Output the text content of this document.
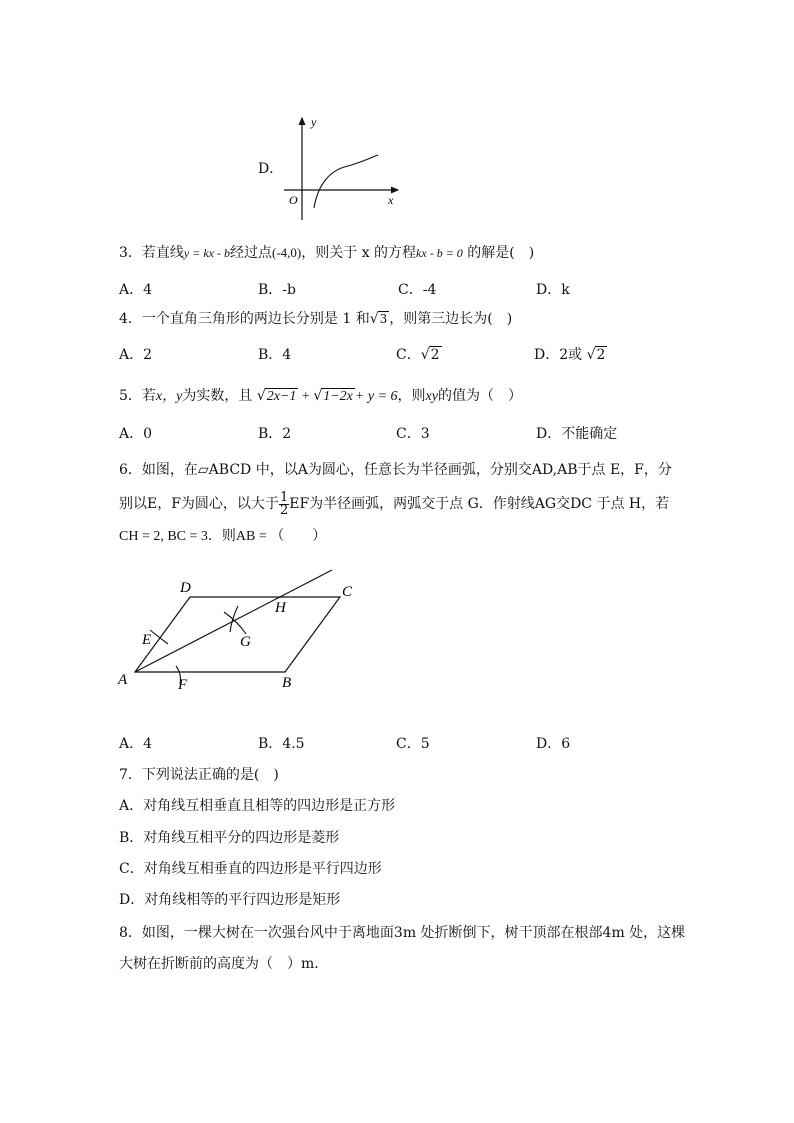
D．
y
x
O
3．若直线y = kx - b经过点(-4,0)，则关于 x 的方程kx - b = 0 的解是(　)
A．4	B．-b	C．-4	D．k
4．一个直角三角形的两边长分别是 1 和√3 ，则第三边长为(　)
A．2	B．4	C．√2	D．2或 √2
5．若x，y为实数，且 √2x−1 + √1−2x + y = 6，则xy的值为（　）
A．0	B．2	C．3	D．不能确定
6．如图，在▱ABCD 中，以A为圆心，任意长为半径画弧，分别交AD,AB于点 E，F，分
别以E，F为圆心，以大于 $\frac{1}{2}$ EF为半径画弧，两弧交于点 G．作射线AG交DC 于点 H，若
CH = 2, BC = 3．则AB = （　　）
D	C
H
E	G
A	F	B
A．4	B．4.5	C．5	D．6
7．下列说法正确的是(　)
A．对角线互相垂直且相等的四边形是正方形
B．对角线互相平分的四边形是菱形
C．对角线互相垂直的四边形是平行四边形
D．对角线相等的平行四边形是矩形
8．如图，一棵大树在一次强台风中于离地面3m 处折断倒下，树干顶部在根部4m 处，这棵
大树在折断前的高度为（　）m．
